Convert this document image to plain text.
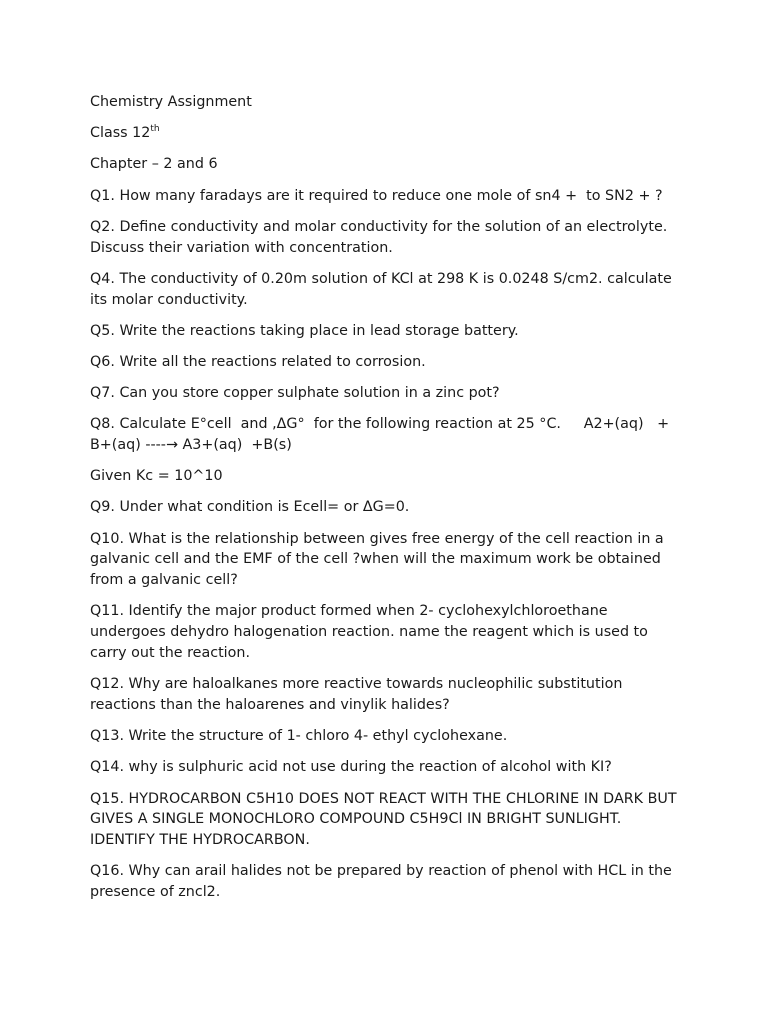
Chemistry Assignment

Class 12th

Chapter – 2 and 6

Q1. How many faradays are it required to reduce one mole of sn4 +  to SN2 + ?

Q2. Define conductivity and molar conductivity for the solution of an electrolyte. Discuss their variation with concentration.

Q4. The conductivity of 0.20m solution of KCl at 298 K is 0.0248 S/cm2. calculate its molar conductivity.

Q5. Write the reactions taking place in lead storage battery.

Q6. Write all the reactions related to corrosion.

Q7. Can you store copper sulphate solution in a zinc pot?

Q8. Calculate E°cell  and ,ΔG°  for the following reaction at 25 °C.     A2+(aq)   +   B+(aq) ----→ A3+(aq)  +B(s)

Given Kc = 10^10

Q9. Under what condition is Ecell= or ΔG=0.

Q10. What is the relationship between gives free energy of the cell reaction in a galvanic cell and the EMF of the cell ?when will the maximum work be obtained from a galvanic cell?

Q11. Identify the major product formed when 2- cyclohexylchloroethane undergoes dehydro halogenation reaction. name the reagent which is used to carry out the reaction.

Q12. Why are haloalkanes more reactive towards nucleophilic substitution reactions than the haloarenes and vinylik halides?

Q13. Write the structure of 1- chloro 4- ethyl cyclohexane.

Q14. why is sulphuric acid not use during the reaction of alcohol with KI?

Q15. HYDROCARBON C5H10 DOES NOT REACT WITH THE CHLORINE IN DARK BUT GIVES A SINGLE MONOCHLORO COMPOUND C5H9Cl IN BRIGHT SUNLIGHT. IDENTIFY THE HYDROCARBON.

Q16. Why can arail halides not be prepared by reaction of phenol with HCL in the presence of zncl2.
